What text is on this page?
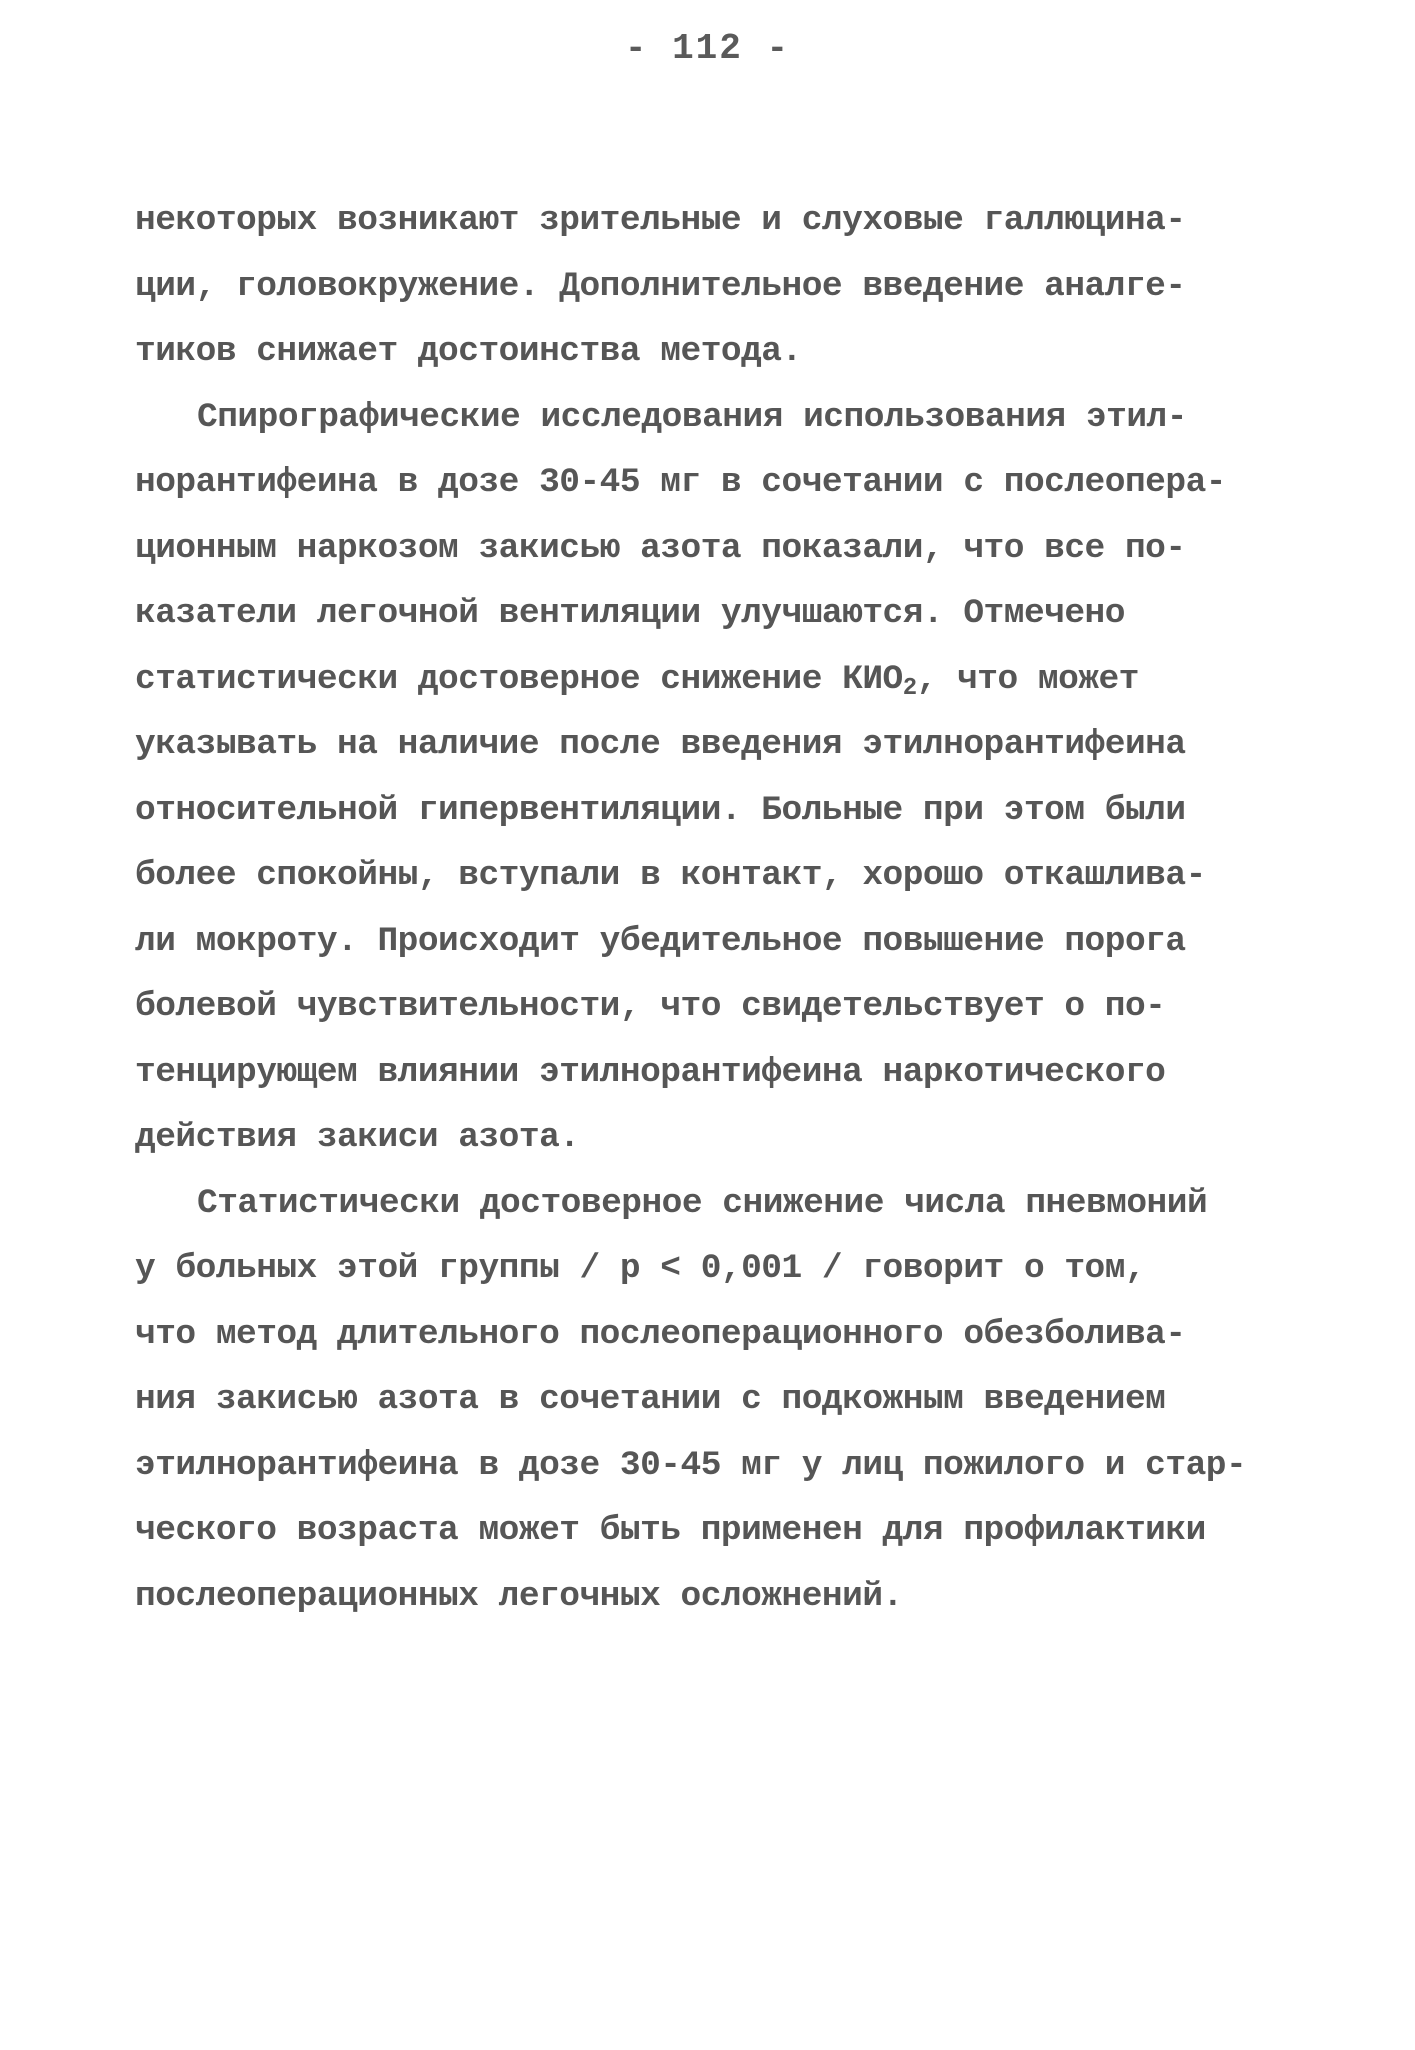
- 112 -
некоторых возникают зрительные и слуховые галлюцина-
ции, головокружение. Дополнительное введение аналге-
тиков снижает достоинства метода.
Спирографические исследования использования этил-
норантифеина в дозе 30-45 мг в сочетании с послеопера-
ционным наркозом закисью азота показали, что все по-
казатели легочной вентиляции улучшаются. Отмечено
статистически достоверное снижение $КИО_2$, что может
указывать на наличие после введения этилнорантифеина
относительной гипервентиляции. Больные при этом были
более спокойны, вступали в контакт, хорошо откашлива-
ли мокроту. Происходит убедительное повышение порога
болевой чувствительности, что свидетельствует о по-
тенцирующем влиянии этилнорантифеина наркотического
действия закиси азота.
Статистически достоверное снижение числа пневмоний
у больных этой группы / р < 0,001 / говорит о том,
что метод длительного послеоперационного обезболива-
ния закисью азота в сочетании с подкожным введением
этилнорантифеина в дозе 30-45 мг у лиц пожилого и стар-
ческого возраста может быть применен для профилактики
послеоперационных легочных осложнений.
